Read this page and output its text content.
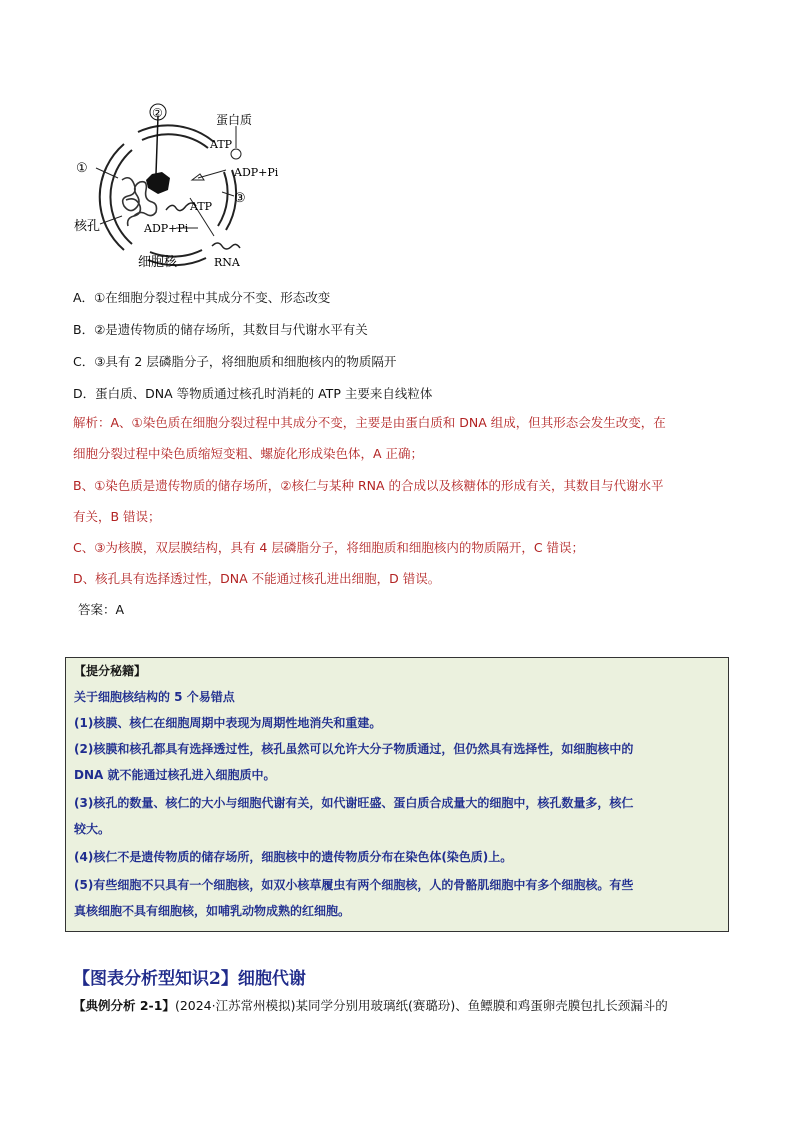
②
①
③
蛋白质
ATP
ADP+Pi
ATP
ADP+Pi
核孔
细胞核	RNA
A．①在细胞分裂过程中其成分不变、形态改变
B．②是遗传物质的储存场所，其数目与代谢水平有关
C．③具有 2 层磷脂分子，将细胞质和细胞核内的物质隔开
D．蛋白质、DNA 等物质通过核孔时消耗的 ATP 主要来自线粒体
解析：A、①染色质在细胞分裂过程中其成分不变，主要是由蛋白质和 DNA 组成，但其形态会发生改变，在
细胞分裂过程中染色质缩短变粗、螺旋化形成染色体，A 正确；
B、①染色质是遗传物质的储存场所，②核仁与某种 RNA 的合成以及核糖体的形成有关，其数目与代谢水平
有关，B 错误；
C、③为核膜，双层膜结构，具有 4 层磷脂分子，将细胞质和细胞核内的物质隔开，C 错误；
D、核孔具有选择透过性，DNA 不能通过核孔进出细胞，D 错误。
答案：A
【提分秘籍】
关于细胞核结构的 5 个易错点
(1)核膜、核仁在细胞周期中表现为周期性地消失和重建。
(2)核膜和核孔都具有选择透过性，核孔虽然可以允许大分子物质通过，但仍然具有选择性，如细胞核中的
DNA 就不能通过核孔进入细胞质中。
(3)核孔的数量、核仁的大小与细胞代谢有关，如代谢旺盛、蛋白质合成量大的细胞中，核孔数量多，核仁
较大。
(4)核仁不是遗传物质的储存场所，细胞核中的遗传物质分布在染色体(染色质)上。
(5)有些细胞不只具有一个细胞核，如双小核草履虫有两个细胞核，人的骨骼肌细胞中有多个细胞核。有些
真核细胞不具有细胞核，如哺乳动物成熟的红细胞。
【图表分析型知识2】细胞代谢
【典例分析 2-1】(2024·江苏常州模拟)某同学分别用玻璃纸(赛璐玢)、鱼鳔膜和鸡蛋卵壳膜包扎长颈漏斗的
